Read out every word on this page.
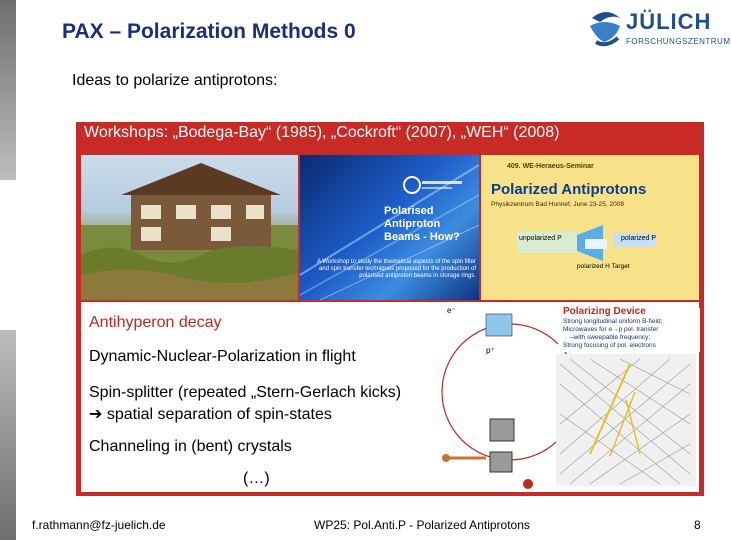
PAX – Polarization Methods 0	JÜLICH
FORSCHUNGSZENTRUM
Ideas to polarize antiprotons:
Workshops: „Bodega-Bay“ (1985), „Cockroft“ (2007), „WEH“ (2008)
Polarised Antiproton Beams - How?
A Workshop to study the theoretical aspects of the spin filter and spin transfer techniques proposed for the production of polarised antiproton beams in storage rings.
409. WE-Heraeus-Seminar
Polarized Antiprotons
Physikzentrum Bad Honnef, June 23-25, 2008
unpolarized P	polarized P
polarized H Target
Antihyperon decay
Dynamic-Nuclear-Polarization in flight
Spin-splitter (repeated „Stern-Gerlach kicks)
➔ spatial separation of spin-states
Channeling in (bent) crystals
(…)
e⁻
p⁺
Polarizing Device
Strong longitudinal uniform B-field;
Microwaves for e→p pol. transfer
–with sweepable frequency;
Strong focusing of pol. electrons
f.rathmann@fz-juelich.de	WP25: Pol.Anti.P - Polarized Antiprotons	8
